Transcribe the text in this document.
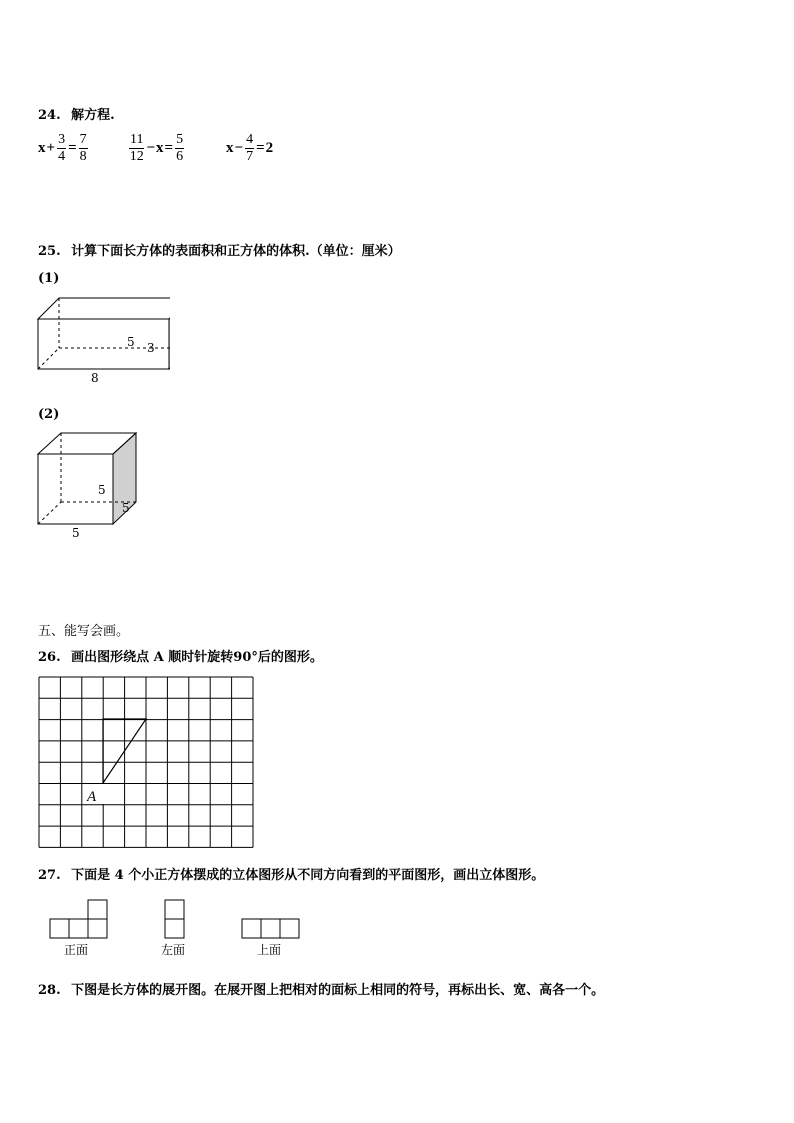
24. 解方程.
$x + \frac{3}{4} = \frac{7}{8}$	$\frac{11}{12} - x = \frac{5}{6}$	$x - \frac{4}{7} = 2$
25. 计算下面长方体的表面积和正方体的体积.（单位：厘米）
(1)
5 3
8
(2)
5
5
5
五、能写会画。
26. 画出图形绕点 A 顺时针旋转90°后的图形。
A
27. 下面是 4 个小正方体摆成的立体图形从不同方向看到的平面图形，画出立体图形。
正面	左面	上面
28. 下图是长方体的展开图。在展开图上把相对的面标上相同的符号，再标出长、宽、高各一个。
